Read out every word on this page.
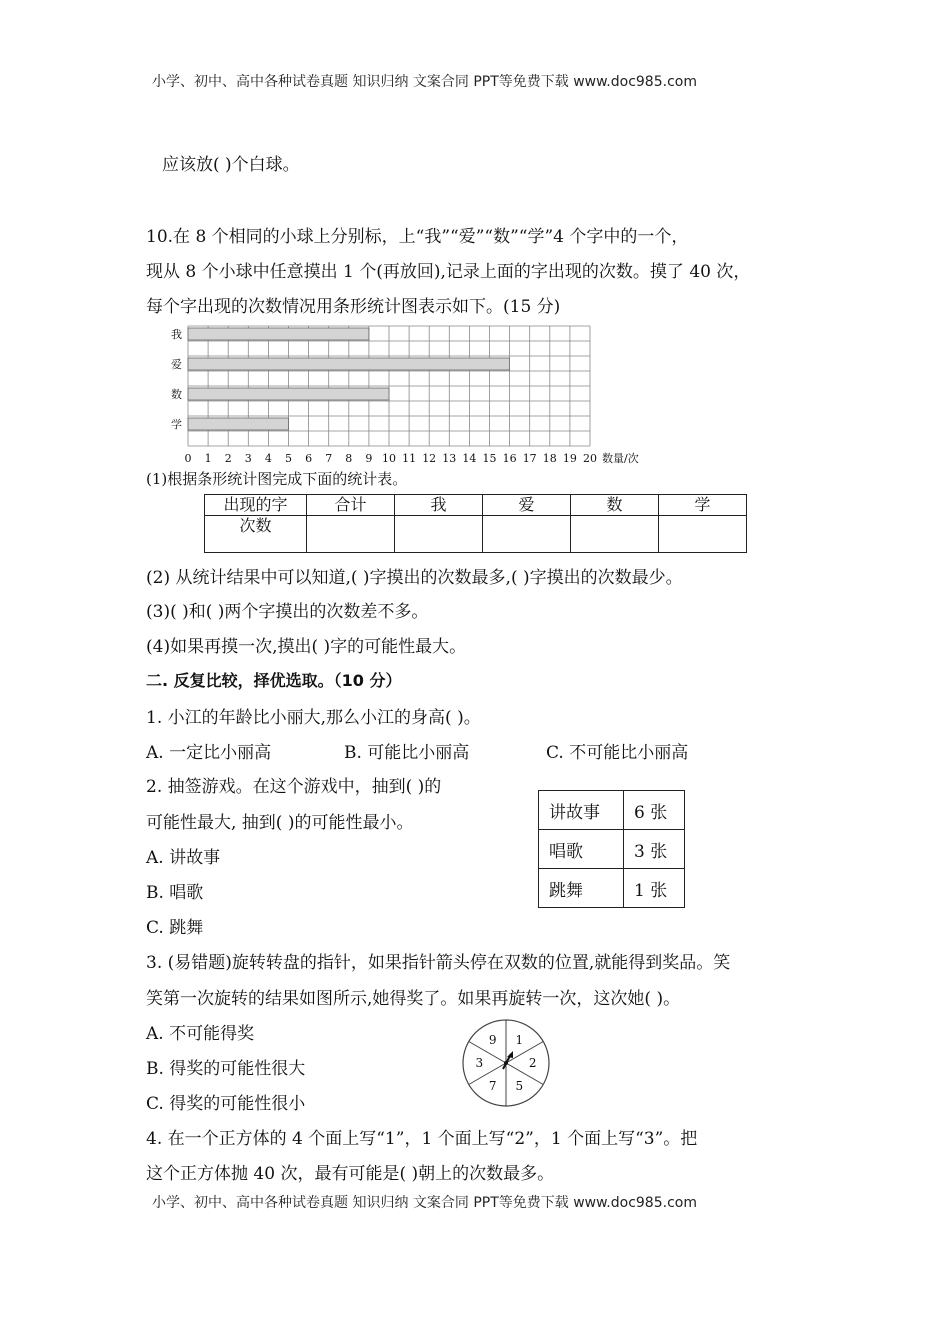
小学、初中、高中各种试卷真题 知识归纳 文案合同 PPT等免费下载 www.doc985.com
应该放( )个白球。
10.在 8 个相同的小球上分别标，上“我”“爱”“数”“学”4 个字中的一个，
现从 8 个小球中任意摸出 1 个(再放回),记录上面的字出现的次数。摸了 40 次，
每个字出现的次数情况用条形统计图表示如下。(15 分)
我
爱
数
学
0 1 2 3 4 5 6 7 8 9 10 11 12 13 14 15 16 17 18 19 20 数量/次
(1)根据条形统计图完成下面的统计表。
出现的字	合计	我	爱	数	学
次数					
(2) 从统计结果中可以知道,( )字摸出的次数最多,( )字摸出的次数最少。
(3)( )和( )两个字摸出的次数差不多。
(4)如果再摸一次,摸出( )字的可能性最大。
二. 反复比较，择优选取。（10 分）
1. 小江的年龄比小丽大,那么小江的身高( )。
A. 一定比小丽高	B. 可能比小丽高	C. 不可能比小丽高
2. 抽签游戏。在这个游戏中，抽到( )的
可能性最大, 抽到( )的可能性最小。
A. 讲故事
B. 唱歌
C. 跳舞
讲故事	6 张
唱歌	3 张
跳舞	1 张
3. (易错题)旋转转盘的指针，如果指针箭头停在双数的位置,就能得到奖品。笑
笑第一次旋转的结果如图所示,她得奖了。如果再旋转一次，这次她( )。
A. 不可能得奖
B. 得奖的可能性很大
C. 得奖的可能性很小
1
2
5
7
3
9
4. 在一个正方体的 4 个面上写“1”，1 个面上写“2”，1 个面上写“3”。把
这个正方体抛 40 次，最有可能是( )朝上的次数最多。
小学、初中、高中各种试卷真题 知识归纳 文案合同 PPT等免费下载 www.doc985.com
